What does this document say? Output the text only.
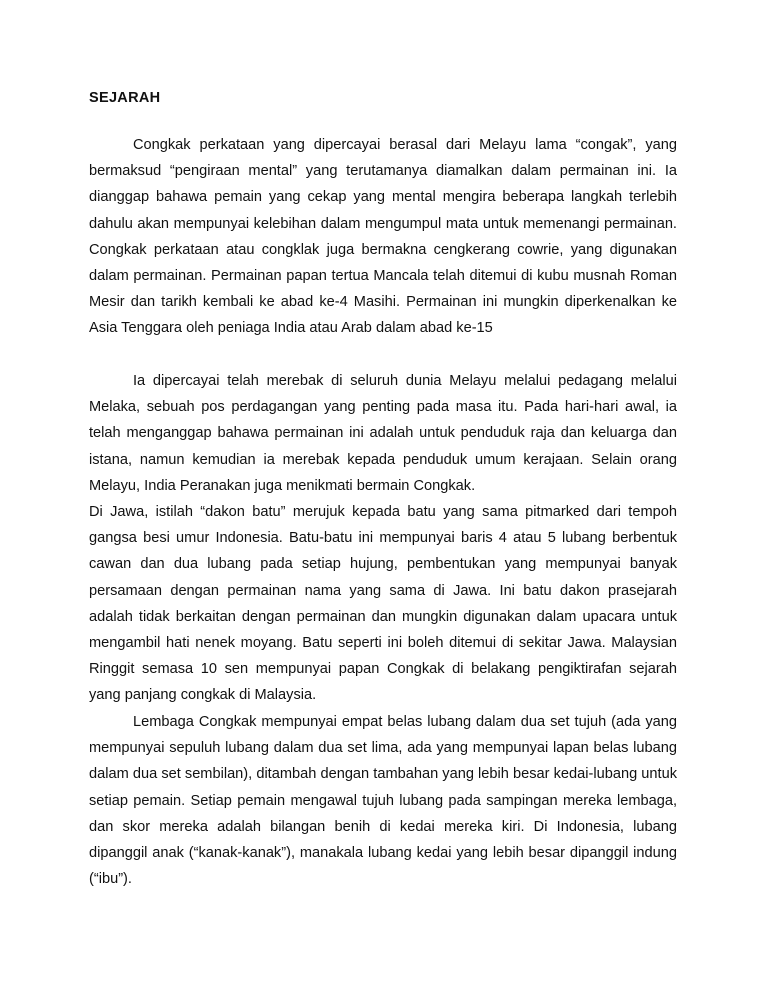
SEJARAH

Congkak perkataan yang dipercayai berasal dari Melayu lama “congak”, yang bermaksud “pengiraan mental” yang terutamanya diamalkan dalam permainan ini. Ia dianggap bahawa pemain yang cekap yang mental mengira beberapa langkah terlebih dahulu akan mempunyai kelebihan dalam mengumpul mata untuk memenangi permainan. Congkak perkataan atau congklak juga bermakna cengkerang cowrie, yang digunakan dalam permainan. Permainan papan tertua Mancala telah ditemui di kubu musnah Roman Mesir dan tarikh kembali ke abad ke-4 Masihi. Permainan ini mungkin diperkenalkan ke Asia Tenggara oleh peniaga India atau Arab dalam abad ke-15

Ia dipercayai telah merebak di seluruh dunia Melayu melalui pedagang melalui Melaka, sebuah pos perdagangan yang penting pada masa itu. Pada hari-hari awal, ia telah menganggap bahawa permainan ini adalah untuk penduduk raja dan keluarga dan istana, namun kemudian ia merebak kepada penduduk umum kerajaan. Selain orang Melayu, India Peranakan juga menikmati bermain Congkak.
Di Jawa, istilah “dakon batu” merujuk kepada batu yang sama pitmarked dari tempoh gangsa besi umur Indonesia. Batu-batu ini mempunyai baris 4 atau 5 lubang berbentuk cawan dan dua lubang pada setiap hujung, pembentukan yang mempunyai banyak persamaan dengan permainan nama yang sama di Jawa. Ini batu dakon prasejarah adalah tidak berkaitan dengan permainan dan mungkin digunakan dalam upacara untuk mengambil hati nenek moyang. Batu seperti ini boleh ditemui di sekitar Jawa. Malaysian Ringgit semasa 10 sen mempunyai papan Congkak di belakang pengiktirafan sejarah yang panjang congkak di Malaysia.

Lembaga Congkak mempunyai empat belas lubang dalam dua set tujuh (ada yang mempunyai sepuluh lubang dalam dua set lima, ada yang mempunyai lapan belas lubang dalam dua set sembilan), ditambah dengan tambahan yang lebih besar kedai-lubang untuk setiap pemain. Setiap pemain mengawal tujuh lubang pada sampingan mereka lembaga, dan skor mereka adalah bilangan benih di kedai mereka kiri. Di Indonesia, lubang dipanggil anak (“kanak-kanak”), manakala lubang kedai yang lebih besar dipanggil indung (“ibu”).
